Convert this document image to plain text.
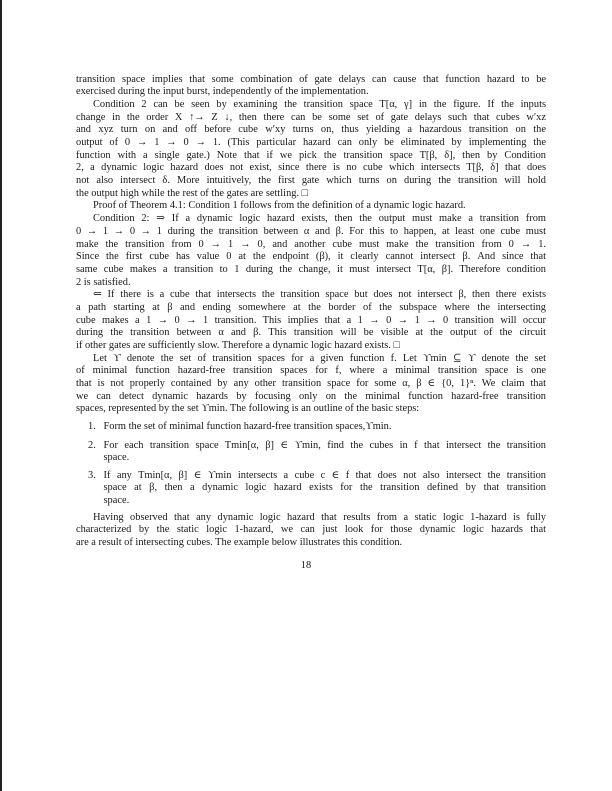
transition space implies that some combination of gate delays can cause that function hazard to be
exercised during the input burst, independently of the implementation.
Condition 2 can be seen by examining the transition space T[α, γ] in the figure. If the inputs
change in the order X ↑→ Z ↓, then there can be some set of gate delays such that cubes w′xz
and xyz turn on and off before cube w′xy turns on, thus yielding a hazardous transition on the
output of 0 → 1 → 0 → 1. (This particular hazard can only be eliminated by implementing the
function with a single gate.) Note that if we pick the transition space T[β, δ], then by Condition
2, a dynamic logic hazard does not exist, since there is no cube which intersects T[β, δ] that does
not also intersect δ. More intuitively, the first gate which turns on during the transition will hold
the output high while the rest of the gates are settling. □
Proof of Theorem 4.1: Condition 1 follows from the definition of a dynamic logic hazard.
Condition 2: ⇒ If a dynamic logic hazard exists, then the output must make a transition from
0 → 1 → 0 → 1 during the transition between α and β. For this to happen, at least one cube must
make the transition from 0 → 1 → 0, and another cube must make the transition from 0 → 1.
Since the first cube has value 0 at the endpoint (β), it clearly cannot intersect β. And since that
same cube makes a transition to 1 during the change, it must intersect T[α, β]. Therefore condition
2 is satisfied.
⇐ If there is a cube that intersects the transition space but does not intersect β, then there exists
a path starting at β and ending somewhere at the border of the subspace where the intersecting
cube makes a 1 → 0 → 1 transition. This implies that a 1 → 0 → 1 → 0 transition will occur
during the transition between α and β. This transition will be visible at the output of the circuit
if other gates are sufficiently slow. Therefore a dynamic logic hazard exists. □
Let ϒ denote the set of transition spaces for a given function f. Let ϒmin ⊆ ϒ denote the set
of minimal function hazard-free transition spaces for f, where a minimal transition space is one
that is not properly contained by any other transition space for some α, β ∈ {0, 1}ⁿ. We claim that
we can detect dynamic hazards by focusing only on the minimal function hazard-free transition
spaces, represented by the set ϒmin. The following is an outline of the basic steps:
1. Form the set of minimal function hazard-free transition spaces,ϒmin.
2. For each transition space Tmin[α, β] ∈ ϒmin, find the cubes in f that intersect the transition
space.
3. If any Tmin[α, β] ∈ ϒmin intersects a cube c ∈ f that does not also intersect the transition
space at β, then a dynamic logic hazard exists for the transition defined by that transition
space.
Having observed that any dynamic logic hazard that results from a static logic 1-hazard is fully
characterized by the static logic 1-hazard, we can just look for those dynamic logic hazards that
are a result of intersecting cubes. The example below illustrates this condition.
18
